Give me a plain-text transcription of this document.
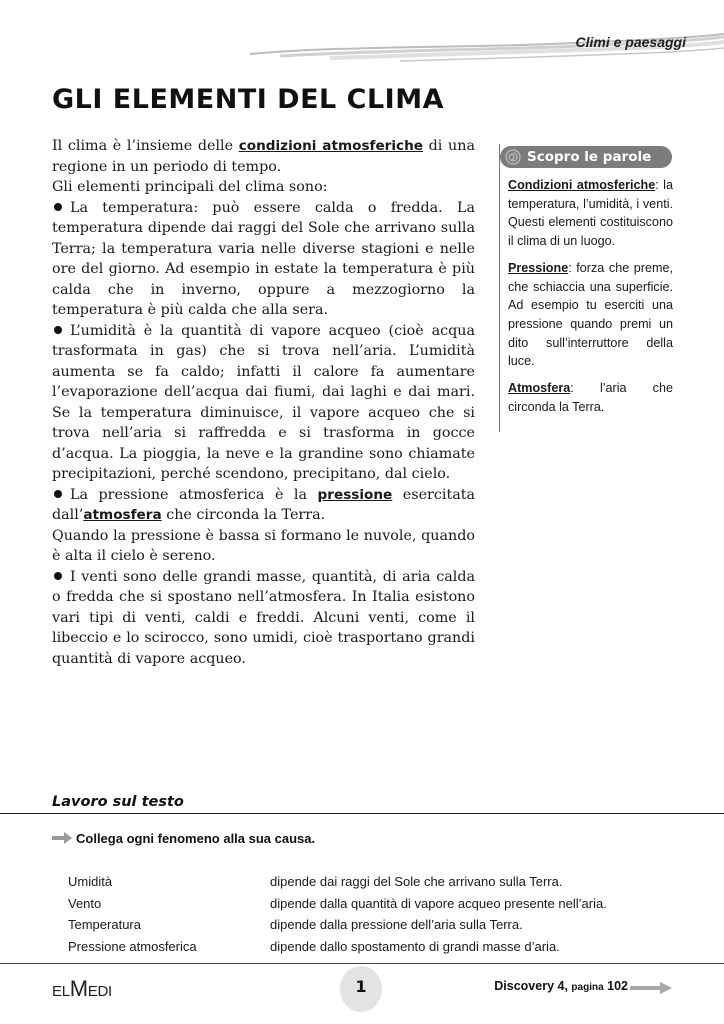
Climi e paesaggi
GLI ELEMENTI DEL CLIMA

Il clima è l’insieme delle condizioni atmosferiche di una regione in un periodo di tempo.

Gli elementi principali del clima sono:

La temperatura: può essere calda o fredda. La temperatura dipende dai raggi del Sole che arrivano sulla Terra; la temperatura varia nelle diverse stagioni e nelle ore del giorno. Ad esempio in estate la temperatura è più calda che in inverno, oppure a mezzogiorno la temperatura è più calda che alla sera.

L’umidità è la quantità di vapore acqueo (cioè acqua trasformata in gas) che si trova nell’aria. L’umidità aumenta se fa caldo; infatti il calore fa aumentare l’evaporazione dell’acqua dai fiumi, dai laghi e dai mari. Se la temperatura diminuisce, il vapore acqueo che si trova nell’aria si raffredda e si trasforma in gocce d’acqua. La pioggia, la neve e la grandine sono chiamate precipitazioni, perché scendono, precipitano, dal cielo.

La pressione atmosferica è la pressione esercitata dall’atmosfera che circonda la Terra.

Quando la pressione è bassa si formano le nuvole, quando è alta il cielo è sereno.

I venti sono delle grandi masse, quantità, di aria calda o fredda che si spostano nell’atmosfera. In Italia esistono vari tipi di venti, caldi e freddi. Alcuni venti, come il libeccio e lo scirocco, sono umidi, cioè trasportano grandi quantità di vapore acqueo.

Scopro le parole

Condizioni atmosferiche: la temperatura, l’umidità, i venti. Questi elementi costituiscono il clima di un luogo.

Pressione: forza che preme, che schiaccia una superficie. Ad esempio tu eserciti una pressione quando premi un dito sull’interruttore della luce.

Atmosfera: l’aria che circonda la Terra.

Lavoro sul testo
Collega ogni fenomeno alla sua causa.
Umidità	dipende dai raggi del Sole che arrivano sulla Terra.
Vento	dipende dalla quantità di vapore acqueo presente nell’aria.
Temperatura	dipende dalla pressione dell’aria sulla Terra.
Pressione atmosferica	dipende dallo spostamento di grandi masse d’aria.
ELMEDI	1	Discovery 4, pagina 102
